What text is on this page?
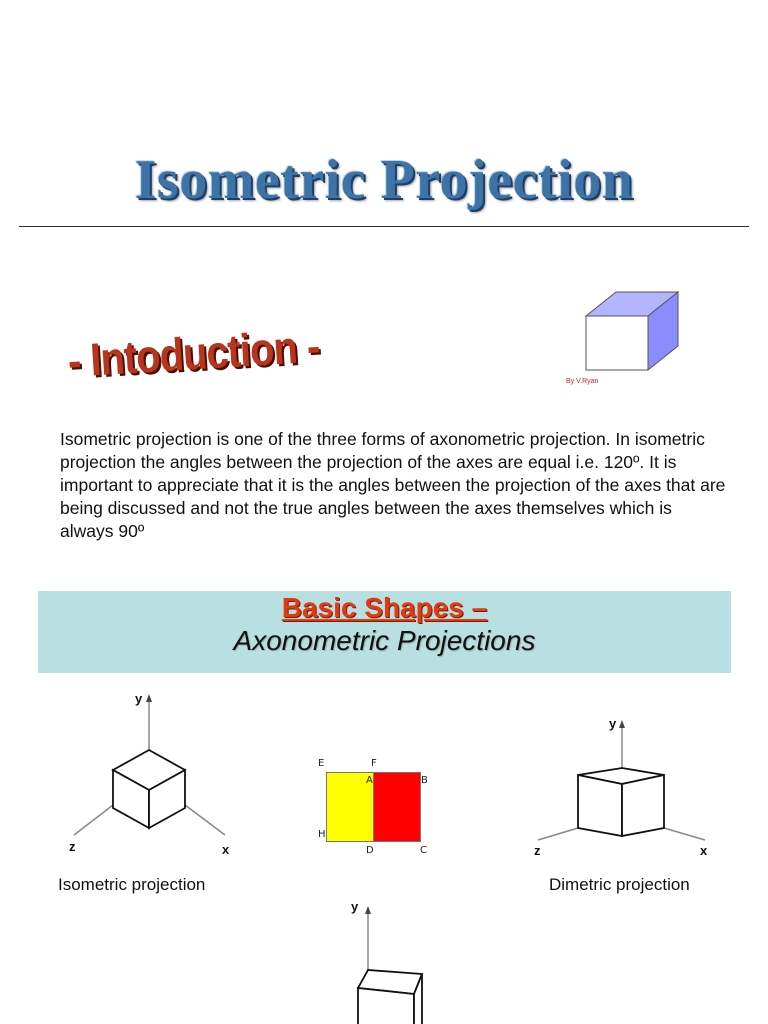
Isometric Projection
- Intoduction -	By V.Ryan
Isometric projection is one of the three forms of axonometric projection. In isometric projection the angles between the projection of the axes are equal i.e. 120º. It is important to appreciate that it is the angles between the projection of the axes that are being discussed and not the true angles between the axes themselves which is always 90º
Basic Shapes –
Axonometric Projections
y
z	x
Isometric projection
E	F
A	B
H
D	C
y
z	x
Dimetric projection
y
